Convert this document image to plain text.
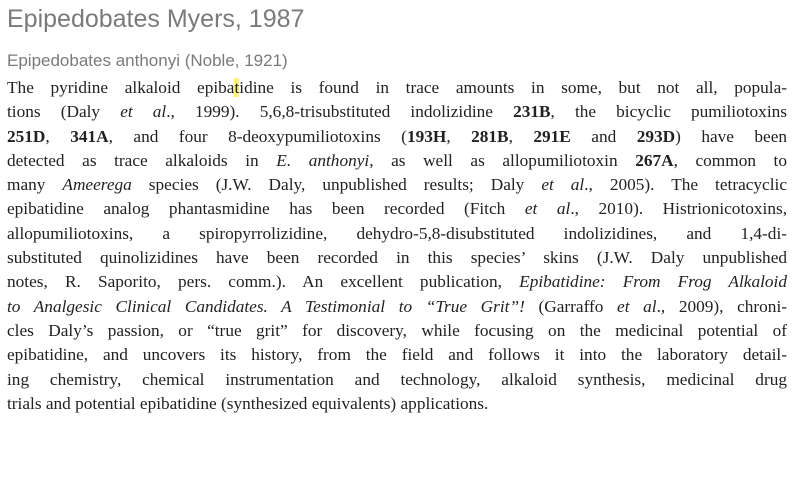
Epipedobates Myers, 1987
Epipedobates anthonyi (Noble, 1921)
The pyridine alkaloid epibatidine is found in trace amounts in some, but not all, popula-
tions (Daly et al., 1999). 5,6,8-trisubstituted indolizidine 231B, the bicyclic pumiliotoxins
251D, 341A, and four 8-deoxypumiliotoxins (193H, 281B, 291E and 293D) have been
detected as trace alkaloids in E. anthonyi, as well as allopumiliotoxin 267A, common to
many Ameerega species (J.W. Daly, unpublished results; Daly et al., 2005). The tetracyclic
epibatidine analog phantasmidine has been recorded (Fitch et al., 2010). Histrionicotoxins,
allopumiliotoxins, a spiropyrrolizidine, dehydro-5,8-disubstituted indolizidines, and 1,4-di-
substituted quinolizidines have been recorded in this species’ skins (J.W. Daly unpublished
notes, R. Saporito, pers. comm.). An excellent publication, Epibatidine: From Frog Alkaloid
to Analgesic Clinical Candidates. A Testimonial to “True Grit”! (Garraffo et al., 2009), chroni-
cles Daly’s passion, or “true grit” for discovery, while focusing on the medicinal potential of
epibatidine, and uncovers its history, from the field and follows it into the laboratory detail-
ing chemistry, chemical instrumentation and technology, alkaloid synthesis, medicinal drug
trials and potential epibatidine (synthesized equivalents) applications.
